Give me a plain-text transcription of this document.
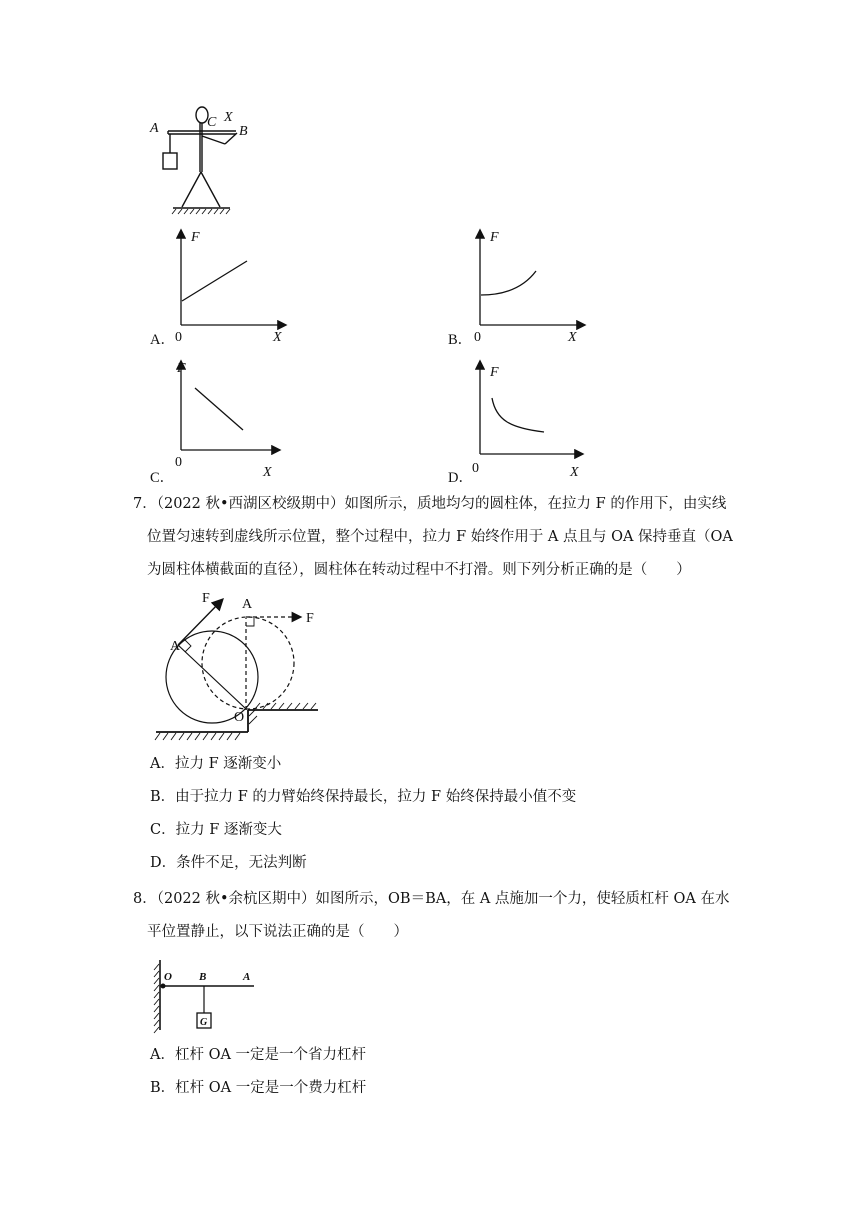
A	C X
B
A．
F
X
0	B．
F
X
0
C．
F
X
0
D．
F
X
0
7．（2022 秋•西湖区校级期中）如图所示，质地均匀的圆柱体，在拉力 F 的作用下，由实线
位置匀速转到虚线所示位置，整个过程中，拉力 F 始终作用于 A 点且与 OA 保持垂直（OA
为圆柱体横截面的直径），圆柱体在转动过程中不打滑。则下列分析正确的是（　　）
F A
F
A
O
A．拉力 F 逐渐变小
B．由于拉力 F 的力臂始终保持最长，拉力 F 始终保持最小值不变
C．拉力 F 逐渐变大
D．条件不足，无法判断
8．（2022 秋•余杭区期中）如图所示，OB＝BA，在 A 点施加一个力，使轻质杠杆 OA 在水
平位置静止，以下说法正确的是（　　）
O B	A
G
A．杠杆 OA 一定是一个省力杠杆
B．杠杆 OA 一定是一个费力杠杆
